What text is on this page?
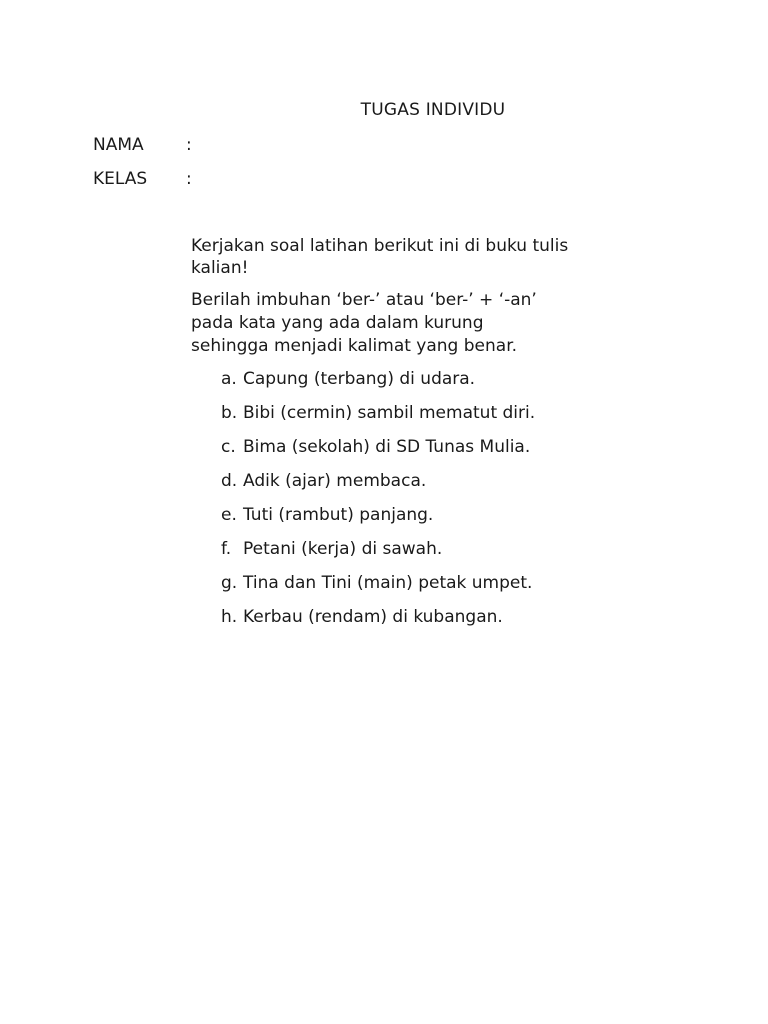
TUGAS INDIVIDU
NAMA :
KELAS :
Kerjakan soal latihan berikut ini di buku tulis kalian!
Berilah imbuhan ‘ber-’ atau ‘ber-’ + ‘-an’ pada kata yang ada dalam kurung sehingga menjadi kalimat yang benar.
a. Capung (terbang) di udara.
b. Bibi (cermin) sambil mematut diri.
c. Bima (sekolah) di SD Tunas Mulia.
d. Adik (ajar) membaca.
e. Tuti (rambut) panjang.
f. Petani (kerja) di sawah.
g. Tina dan Tini (main) petak umpet.
h. Kerbau (rendam) di kubangan.
